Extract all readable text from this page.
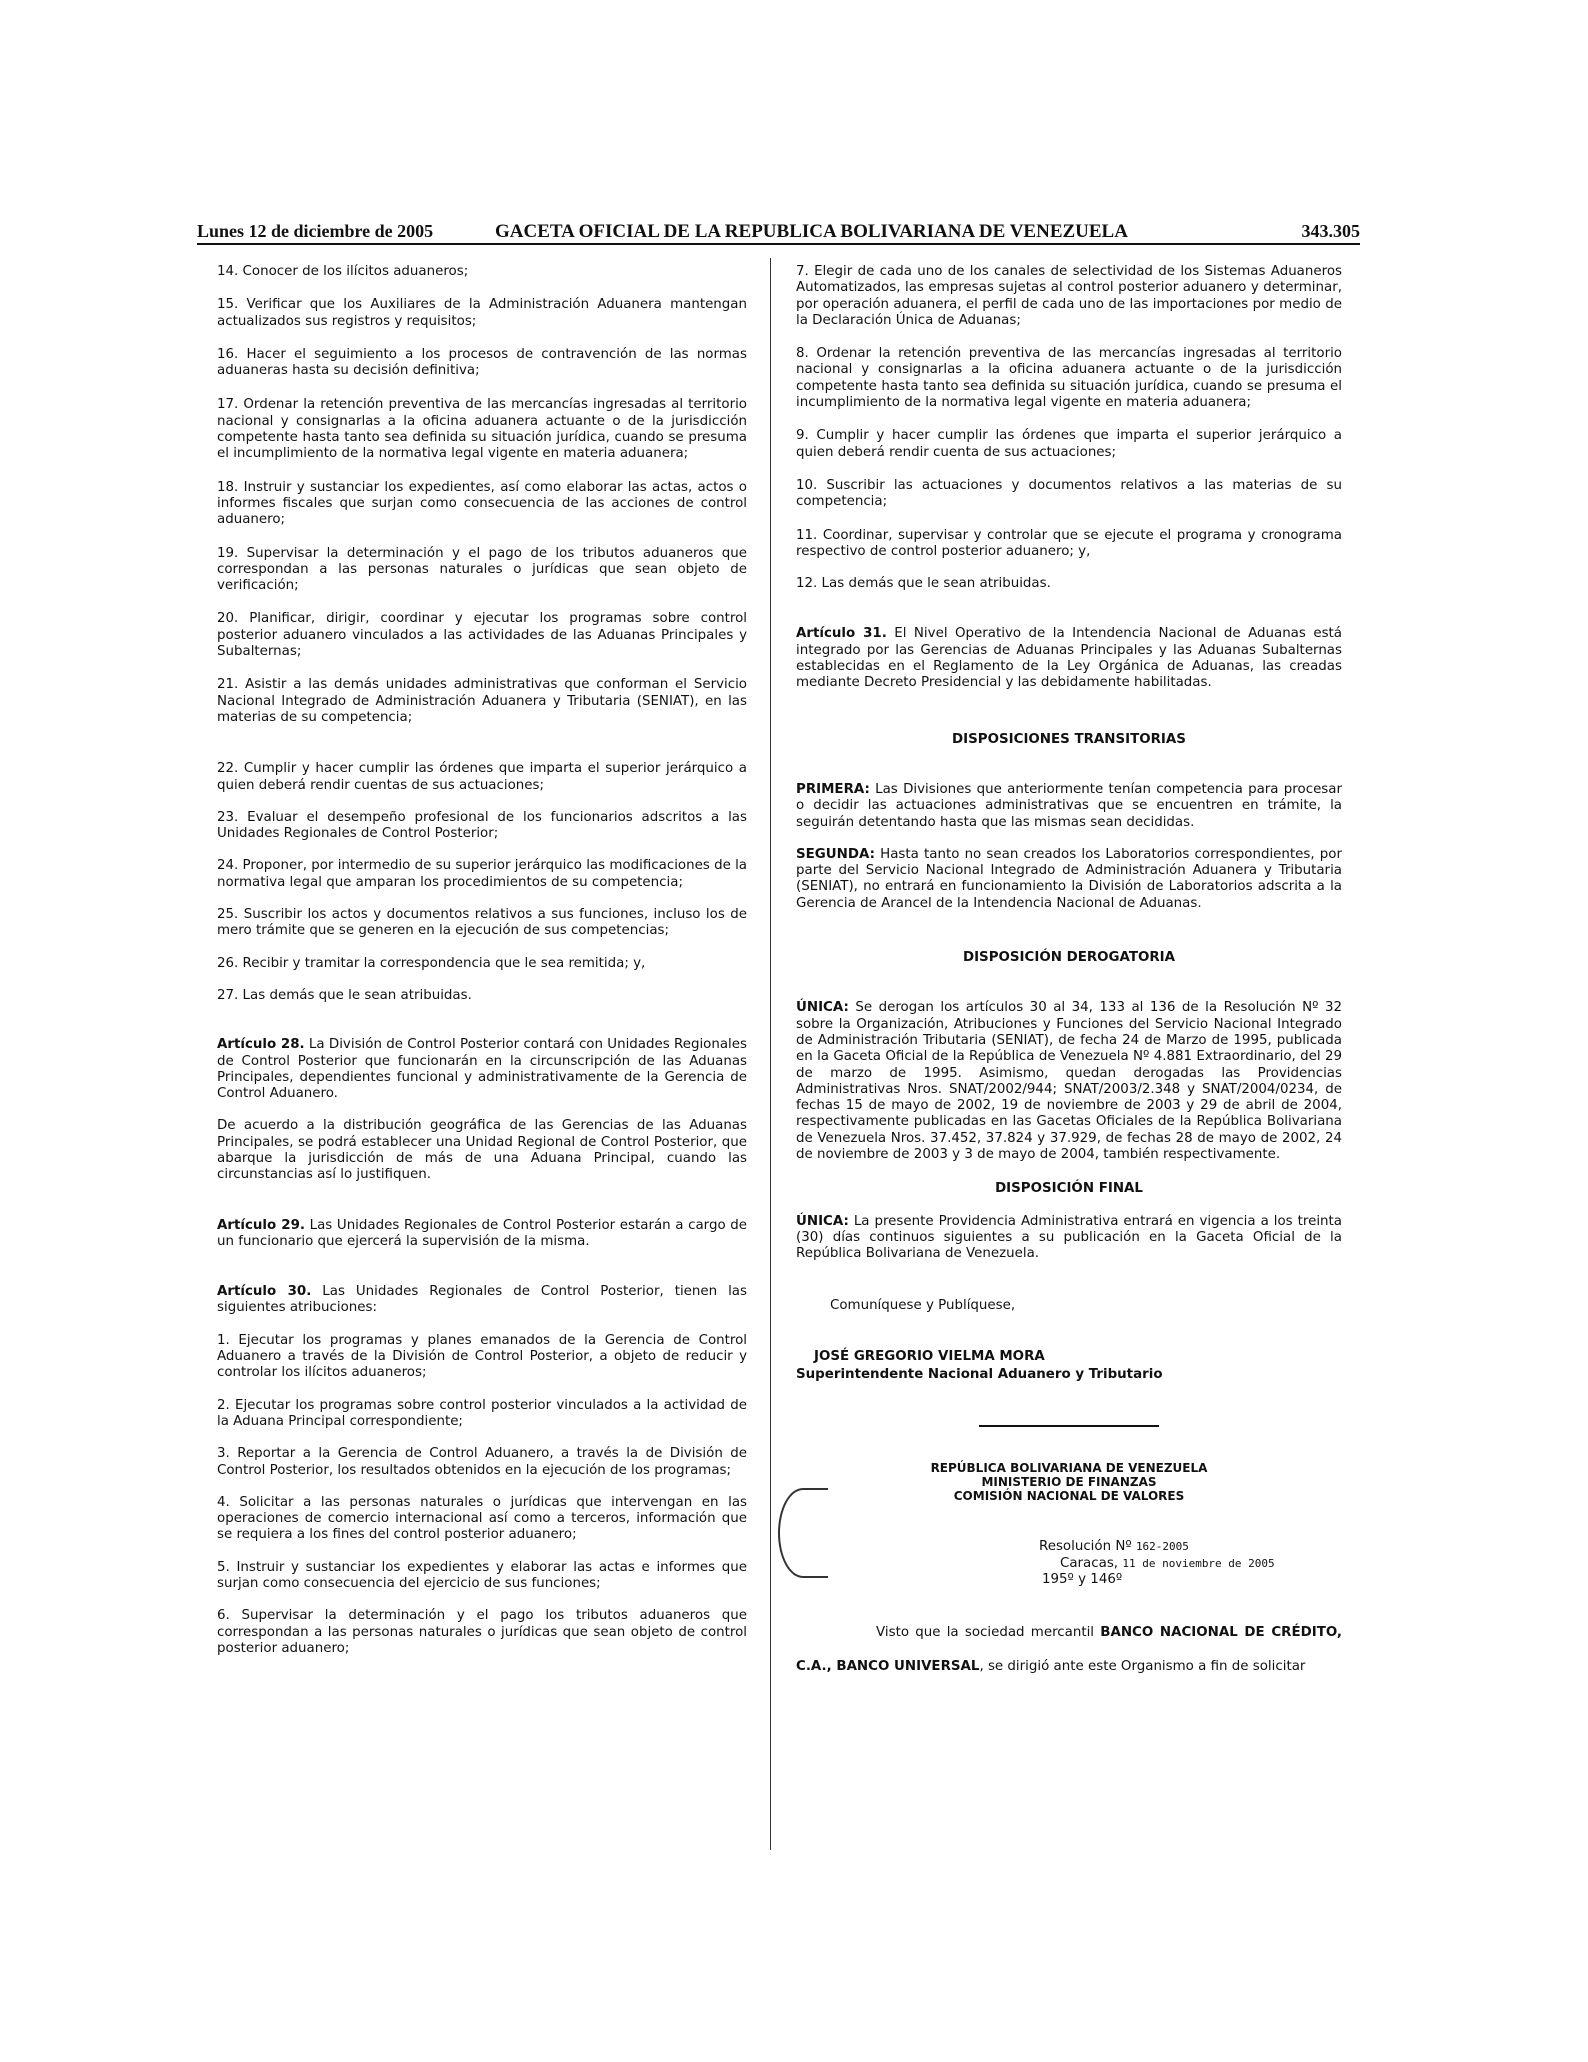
Lunes 12 de diciembre de 2005	GACETA OFICIAL DE LA REPUBLICA BOLIVARIANA DE VENEZUELA	343.305

14. Conocer de los ilícitos aduaneros;

15. Verificar que los Auxiliares de la Administración Aduanera mantengan actualizados sus registros y requisitos;

16. Hacer el seguimiento a los procesos de contravención de las normas aduaneras hasta su decisión definitiva;

17. Ordenar la retención preventiva de las mercancías ingresadas al territorio nacional y consignarlas a la oficina aduanera actuante o de la jurisdicción competente hasta tanto sea definida su situación jurídica, cuando se presuma el incumplimiento de la normativa legal vigente en materia aduanera;

18. Instruir y sustanciar los expedientes, así como elaborar las actas, actos o informes fiscales que surjan como consecuencia de las acciones de control aduanero;

19. Supervisar la determinación y el pago de los tributos aduaneros que correspondan a las personas naturales o jurídicas que sean objeto de verificación;

20. Planificar, dirigir, coordinar y ejecutar los programas sobre control posterior aduanero vinculados a las actividades de las Aduanas Principales y Subalternas;

21. Asistir a las demás unidades administrativas que conforman el Servicio Nacional Integrado de Administración Aduanera y Tributaria (SENIAT), en las materias de su competencia;

22. Cumplir y hacer cumplir las órdenes que imparta el superior jerárquico a quien deberá rendir cuentas de sus actuaciones;

23. Evaluar el desempeño profesional de los funcionarios adscritos a las Unidades Regionales de Control Posterior;

24. Proponer, por intermedio de su superior jerárquico las modificaciones de la normativa legal que amparan los procedimientos de su competencia;

25. Suscribir los actos y documentos relativos a sus funciones, incluso los de mero trámite que se generen en la ejecución de sus competencias;

26. Recibir y tramitar la correspondencia que le sea remitida; y,

27. Las demás que le sean atribuidas.

Artículo 28. La División de Control Posterior contará con Unidades Regionales de Control Posterior que funcionarán en la circunscripción de las Aduanas Principales, dependientes funcional y administrativamente de la Gerencia de Control Aduanero.

De acuerdo a la distribución geográfica de las Gerencias de las Aduanas Principales, se podrá establecer una Unidad Regional de Control Posterior, que abarque la jurisdicción de más de una Aduana Principal, cuando las circunstancias así lo justifiquen.

Artículo 29. Las Unidades Regionales de Control Posterior estarán a cargo de un funcionario que ejercerá la supervisión de la misma.

Artículo 30. Las Unidades Regionales de Control Posterior, tienen las siguientes atribuciones:

1. Ejecutar los programas y planes emanados de la Gerencia de Control Aduanero a través de la División de Control Posterior, a objeto de reducir y controlar los ilícitos aduaneros;

2. Ejecutar los programas sobre control posterior vinculados a la actividad de la Aduana Principal correspondiente;

3. Reportar a la Gerencia de Control Aduanero, a través la de División de Control Posterior, los resultados obtenidos en la ejecución de los programas;

4. Solicitar a las personas naturales o jurídicas que intervengan en las operaciones de comercio internacional así como a terceros, información que se requiera a los fines del control posterior aduanero;

5. Instruir y sustanciar los expedientes y elaborar las actas e informes que surjan como consecuencia del ejercicio de sus funciones;

6. Supervisar la determinación y el pago los tributos aduaneros que correspondan a las personas naturales o jurídicas que sean objeto de control posterior aduanero;

7. Elegir de cada uno de los canales de selectividad de los Sistemas Aduaneros Automatizados, las empresas sujetas al control posterior aduanero y determinar, por operación aduanera, el perfil de cada uno de las importaciones por medio de la Declaración Única de Aduanas;

8. Ordenar la retención preventiva de las mercancías ingresadas al territorio nacional y consignarlas a la oficina aduanera actuante o de la jurisdicción competente hasta tanto sea definida su situación jurídica, cuando se presuma el incumplimiento de la normativa legal vigente en materia aduanera;

9. Cumplir y hacer cumplir las órdenes que imparta el superior jerárquico a quien deberá rendir cuenta de sus actuaciones;

10. Suscribir las actuaciones y documentos relativos a las materias de su competencia;

11. Coordinar, supervisar y controlar que se ejecute el programa y cronograma respectivo de control posterior aduanero; y,

12. Las demás que le sean atribuidas.

Artículo 31. El Nivel Operativo de la Intendencia Nacional de Aduanas está integrado por las Gerencias de Aduanas Principales y las Aduanas Subalternas establecidas en el Reglamento de la Ley Orgánica de Aduanas, las creadas mediante Decreto Presidencial y las debidamente habilitadas.

DISPOSICIONES TRANSITORIAS

PRIMERA: Las Divisiones que anteriormente tenían competencia para procesar o decidir las actuaciones administrativas que se encuentren en trámite, la seguirán detentando hasta que las mismas sean decididas.

SEGUNDA: Hasta tanto no sean creados los Laboratorios correspondientes, por parte del Servicio Nacional Integrado de Administración Aduanera y Tributaria (SENIAT), no entrará en funcionamiento la División de Laboratorios adscrita a la Gerencia de Arancel de la Intendencia Nacional de Aduanas.

DISPOSICIÓN DEROGATORIA

ÚNICA: Se derogan los artículos 30 al 34, 133 al 136 de la Resolución Nº 32 sobre la Organización, Atribuciones y Funciones del Servicio Nacional Integrado de Administración Tributaria (SENIAT), de fecha 24 de Marzo de 1995, publicada en la Gaceta Oficial de la República de Venezuela Nº 4.881 Extraordinario, del 29 de marzo de 1995. Asimismo, quedan derogadas las Providencias Administrativas Nros. SNAT/2002/944; SNAT/2003/2.348 y SNAT/2004/0234, de fechas 15 de mayo de 2002, 19 de noviembre de 2003 y 29 de abril de 2004, respectivamente publicadas en las Gacetas Oficiales de la República Bolivariana de Venezuela Nros. 37.452, 37.824 y 37.929, de fechas 28 de mayo de 2002, 24 de noviembre de 2003 y 3 de mayo de 2004, también respectivamente.

DISPOSICIÓN FINAL

ÚNICA: La presente Providencia Administrativa entrará en vigencia a los treinta (30) días continuos siguientes a su publicación en la Gaceta Oficial de la República Bolivariana de Venezuela.

Comuníquese y Publíquese,

JOSÉ GREGORIO VIELMA MORA

Superintendente Nacional Aduanero y Tributario

REPÚBLICA BOLIVARIANA DE VENEZUELA

MINISTERIO DE FINANZAS

COMISIÓN NACIONAL DE VALORES

Resolución Nº 162-2005

Caracas, 11 de noviembre de 2005

195º y 146º

Visto que la sociedad mercantil BANCO NACIONAL DE CRÉDITO, C.A., BANCO UNIVERSAL, se dirigió ante este Organismo a fin de solicitar
